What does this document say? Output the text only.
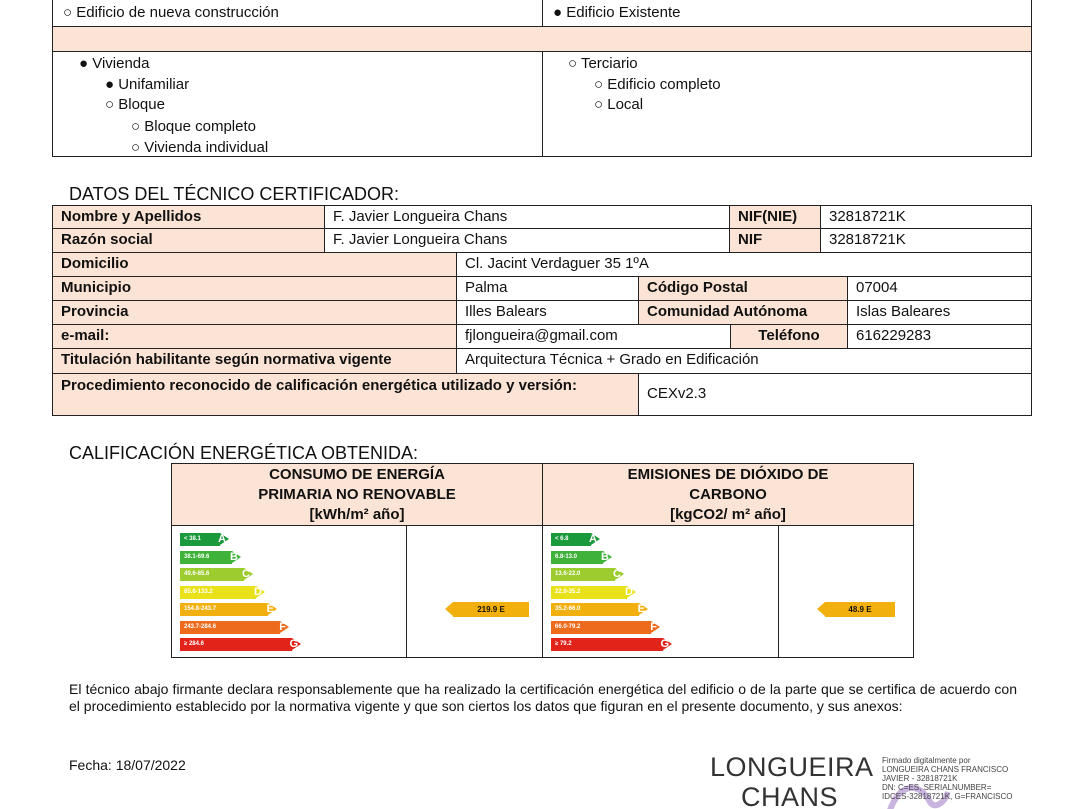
○ Edificio de nueva construcción	● Edificio Existente
● Vivienda
● Unifamiliar
○ Bloque
○ Bloque completo
○ Vivienda individual
○ Terciario
○ Edificio completo
○ Local
DATOS DEL TÉCNICO CERTIFICADOR:
Nombre y Apellidos	F. Javier Longueira Chans	NIF(NIE)	32818721K
Razón social	F. Javier Longueira Chans	NIF	32818721K
Domicilio	Cl. Jacint Verdaguer 35 1ºA
Municipio	Palma	Código Postal	07004
Provincia	Illes Balears	Comunidad Autónoma	Islas Baleares
e-mail:	fjlongueira@gmail.com	Teléfono	616229283
Titulación habilitante según normativa vigente	Arquitectura Técnica + Grado en Edificación
Procedimiento reconocido de calificación energética utilizado y versión:	CEXv2.3
CALIFICACIÓN ENERGÉTICA OBTENIDA:
CONSUMO DE ENERGÍA
PRIMARIA NO RENOVABLE
[kWh/m² año]
EMISIONES DE DIÓXIDO DE
CARBONO
[kgCO2/ m² año]
< 38.1 A
38.1-69.6 B
49.6-85.6	C
85.6-133.2	D
154.8-243.7	E
243.7-284.6	F
≥ 284.6	G
219.9 E
< 6.8 A
6.8-13.0 B
13.6-22.0	C
22.0-35.2	D
35.2-66.0	E
66.0-79.2	F
≥ 79.2	G
48.9 E
El técnico abajo firmante declara responsablemente que ha realizado la certificación energética del edificio o de la parte que se certifica de acuerdo con el procedimiento establecido por la normativa vigente y que son ciertos los datos que figuran en el presente documento, y sus anexos:
Fecha: 18/07/2022	LONGUEIRA
CHANS
Firmado digitalmente por
LONGUEIRA CHANS FRANCISCO
JAVIER - 32818721K
DN: C=ES, SERIALNUMBER=
IDCES-32818721K, G=FRANCISCO
